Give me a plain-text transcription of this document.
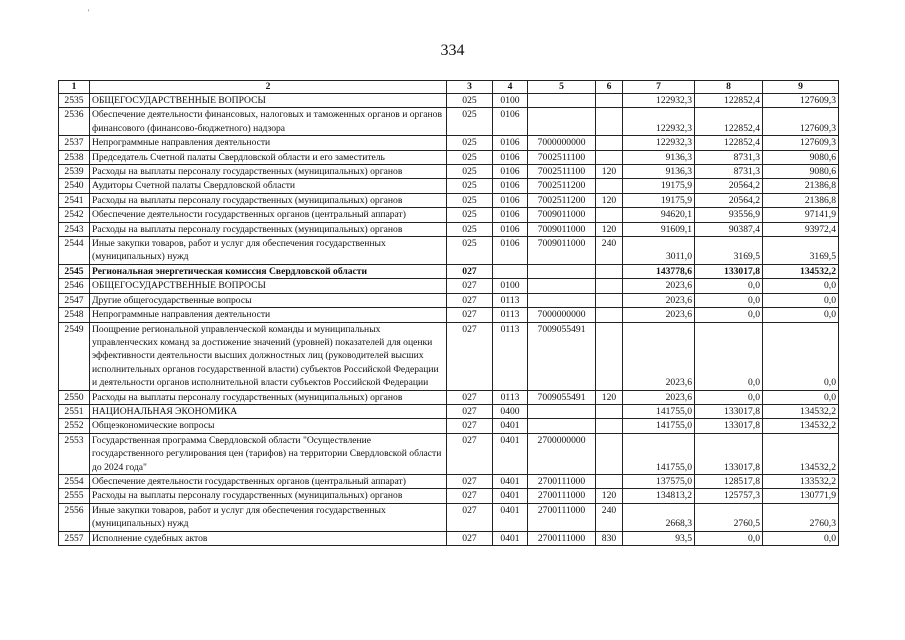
'
334
1	2	3	4	5	6	7	8	9
2535	ОБЩЕГОСУДАРСТВЕННЫЕ ВОПРОСЫ	025	0100			122932,3	122852,4	127609,3
2536	Обеспечение деятельности финансовых, налоговых и таможенных органов и органов финансового (финансово-бюджетного) надзора	025	0106			122932,3	122852,4	127609,3
2537	Непрограммные направления деятельности	025	0106	7000000000		122932,3	122852,4	127609,3
2538	Председатель Счетной палаты Свердловской области и его заместитель	025	0106	7002511100		9136,3	8731,3	9080,6
2539	Расходы на выплаты персоналу государственных (муниципальных) органов	025	0106	7002511100	120	9136,3	8731,3	9080,6
2540	Аудиторы Счетной палаты Свердловской области	025	0106	7002511200		19175,9	20564,2	21386,8
2541	Расходы на выплаты персоналу государственных (муниципальных) органов	025	0106	7002511200	120	19175,9	20564,2	21386,8
2542	Обеспечение деятельности государственных органов (центральный аппарат)	025	0106	7009011000		94620,1	93556,9	97141,9
2543	Расходы на выплаты персоналу государственных (муниципальных) органов	025	0106	7009011000	120	91609,1	90387,4	93972,4
2544	Иные закупки товаров, работ и услуг для обеспечения государственных (муниципальных) нужд	025	0106	7009011000	240	3011,0	3169,5	3169,5
2545	Региональная энергетическая комиссия Свердловской области	027				143778,6	133017,8	134532,2
2546	ОБЩЕГОСУДАРСТВЕННЫЕ ВОПРОСЫ	027	0100			2023,6	0,0	0,0
2547	Другие общегосударственные вопросы	027	0113			2023,6	0,0	0,0
2548	Непрограммные направления деятельности	027	0113	7000000000		2023,6	0,0	0,0
2549	Поощрение региональной управленческой команды и муниципальных управленческих команд за достижение значений (уровней) показателей для оценки эффективности деятельности высших должностных лиц (руководителей высших исполнительных органов государственной власти) субъектов Российской Федерации и деятельности органов исполнительной власти субъектов Российской Федерации	027	0113	7009055491		2023,6	0,0	0,0
2550	Расходы на выплаты персоналу государственных (муниципальных) органов	027	0113	7009055491	120	2023,6	0,0	0,0
2551	НАЦИОНАЛЬНАЯ ЭКОНОМИКА	027	0400			141755,0	133017,8	134532,2
2552	Общеэкономические вопросы	027	0401			141755,0	133017,8	134532,2
2553	Государственная программа Свердловской области "Осуществление государственного регулирования цен (тарифов) на территории Свердловской области до 2024 года"	027	0401	2700000000		141755,0	133017,8	134532,2
2554	Обеспечение деятельности государственных органов (центральный аппарат)	027	0401	2700111000		137575,0	128517,8	133532,2
2555	Расходы на выплаты персоналу государственных (муниципальных) органов	027	0401	2700111000	120	134813,2	125757,3	130771,9
2556	Иные закупки товаров, работ и услуг для обеспечения государственных (муниципальных) нужд	027	0401	2700111000	240	2668,3	2760,5	2760,3
2557	Исполнение судебных актов	027	0401	2700111000	830	93,5	0,0	0,0
